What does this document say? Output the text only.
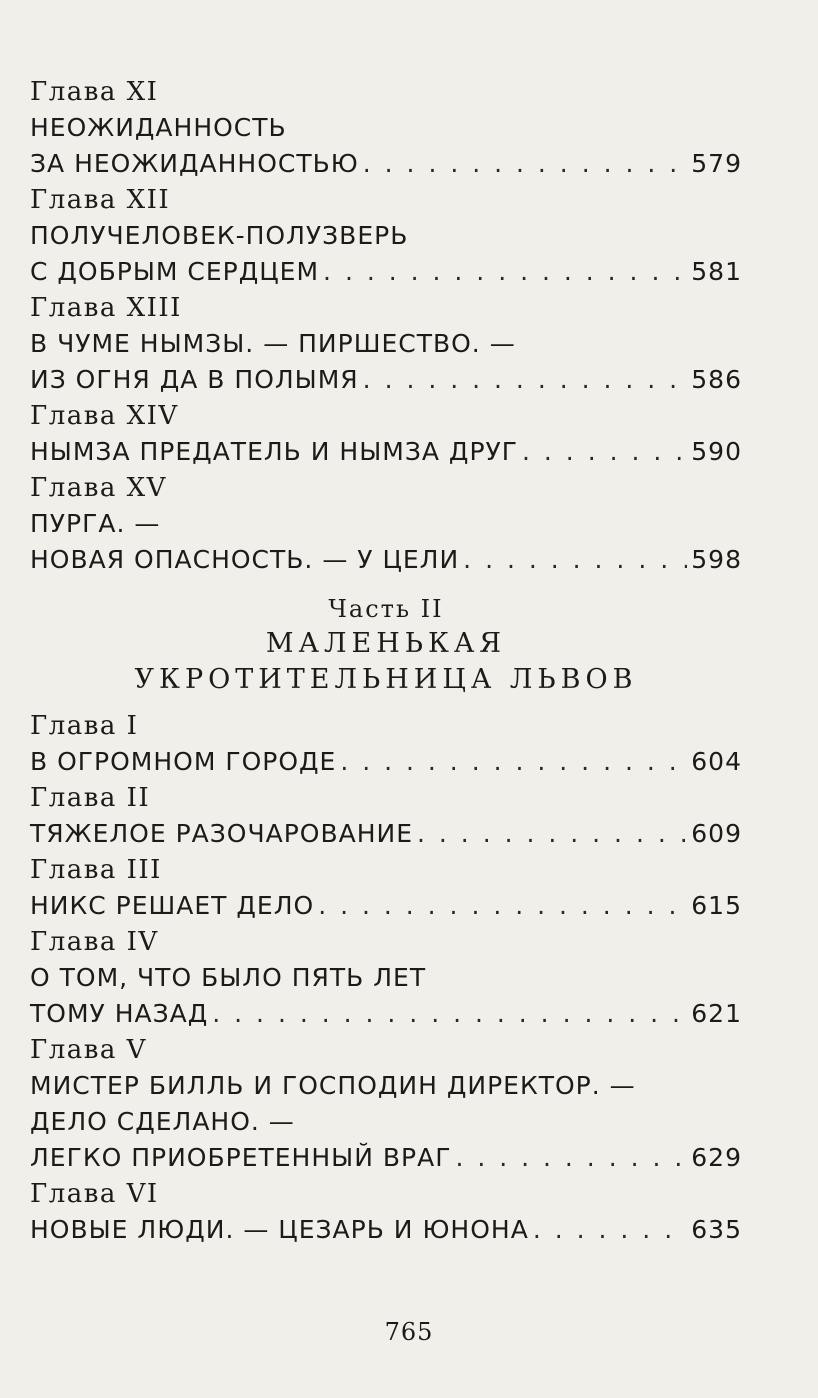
Глава XI
НЕОЖИДАННОСТЬ
ЗА НЕОЖИДАННОСТЬЮ . . .	579
Глава XII
ПОЛУЧЕЛОВЕК-ПОЛУЗВЕРЬ
С ДОБРЫМ СЕРДЦЕМ . . .	581
Глава XIII
В ЧУМЕ НЫМЗЫ. — ПИРШЕСТВО. —
ИЗ ОГНЯ ДА В ПОЛЫМЯ . . .	586
Глава XIV
НЫМЗА ПРЕДАТЕЛЬ И НЫМЗА ДРУГ . . .	590
Глава XV
ПУРГА. —
НОВАЯ ОПАСНОСТЬ. — У ЦЕЛИ . . .	598
Часть II
МАЛЕНЬКАЯ
УКРОТИТЕЛЬНИЦА ЛЬВОВ
Глава I
В ОГРОМНОМ ГОРОДЕ . . .	604
Глава II
ТЯЖЕЛОЕ РАЗОЧАРОВАНИЕ . . .	609
Глава III
НИКС РЕШАЕТ ДЕЛО . . .	615
Глава IV
О ТОМ, ЧТО БЫЛО ПЯТЬ ЛЕТ
ТОМУ НАЗАД . . .	621
Глава V
МИСТЕР БИЛЛЬ И ГОСПОДИН ДИРЕКТОР. —
ДЕЛО СДЕЛАНО. —
ЛЕГКО ПРИОБРЕТЕННЫЙ ВРАГ . . .	629
Глава VI
НОВЫЕ ЛЮДИ. — ЦЕЗАРЬ И ЮНОНА . . .	635
765
